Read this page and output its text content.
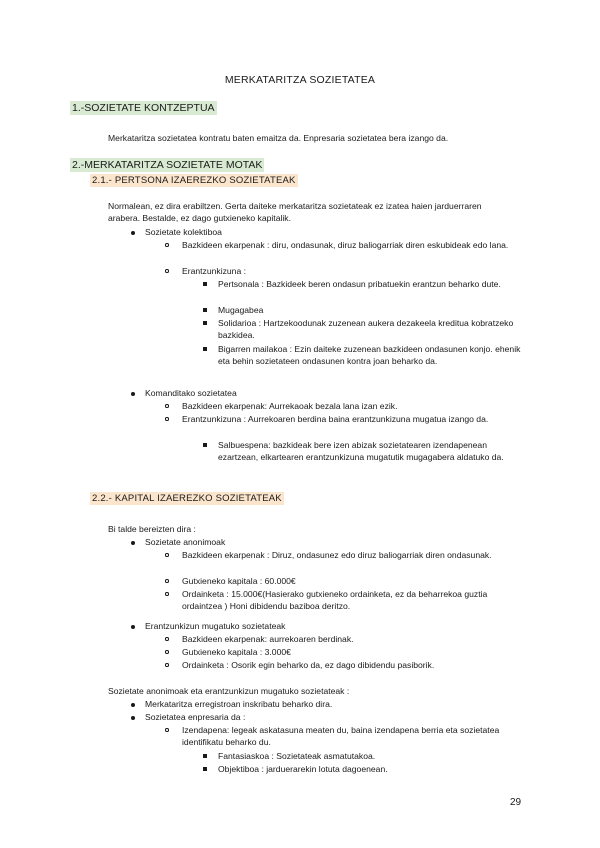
MERKATARITZA SOZIETATEA
1.-SOZIETATE KONTZEPTUA
Merkataritza sozietatea kontratu baten emaitza da. Enpresaria sozietatea bera izango da.
2.-MERKATARITZA SOZIETATE MOTAK
2.1.- PERTSONA IZAEREZKO SOZIETATEAK
Normalean, ez dira erabiltzen. Gerta daiteke merkataritza sozietateak ez izatea haien jarduerraren arabera. Bestalde, ez dago gutxieneko kapitalik.
Sozietate kolektiboa
Bazkideen ekarpenak : diru, ondasunak, diruz baliogarriak diren eskubideak edo lana.
Erantzunkizuna :
Pertsonala : Bazkideek beren ondasun pribatuekin erantzun beharko dute.
Mugagabea
Solidarioa : Hartzekoodunak zuzenean aukera dezakeela kreditua kobratzeko bazkidea.
Bigarren mailakoa : Ezin daiteke zuzenean bazkideen ondasunen konjo. ehenik eta behin sozietateen ondasunen kontra joan beharko da.
Komanditako sozietatea
Bazkideen ekarpenak: Aurrekaoak bezala lana izan ezik.
Erantzunkizuna : Aurrekoaren berdina baina erantzunkizuna mugatua izango da.
Salbuespena: bazkideak bere izen abizak sozietatearen izendapenean ezartzean, elkartearen erantzunkizuna mugatutik mugagabera aldatuko da.
2.2.- KAPITAL IZAEREZKO SOZIETATEAK
Bi talde bereizten dira :
Sozietate anonimoak
Bazkideen ekarpenak : Diruz, ondasunez edo diruz baliogarriak diren ondasunak.
Gutxieneko kapitala : 60.000€
Ordainketa : 15.000€(Hasierako gutxieneko ordainketa, ez da beharrekoa guztia ordaintzea ) Honi dibidendu baziboa deritzo.
Erantzunkizun mugatuko sozietateak
Bazkideen ekarpenak: aurrekoaren berdinak.
Gutxieneko kapitala : 3.000€
Ordainketa : Osorik egin beharko da, ez dago dibidendu pasiborik.
Sozietate anonimoak eta erantzunkizun mugatuko sozietateak :
Merkataritza erregistroan inskribatu beharko dira.
Sozietatea enpresaria da :
Izendapena: legeak askatasuna meaten du, baina izendapena berria eta sozietatea identifikatu beharko du.
Fantasiaskoa : Sozietateak asmatutakoa.
Objektiboa : jarduerarekin lotuta dagoenean.
29
